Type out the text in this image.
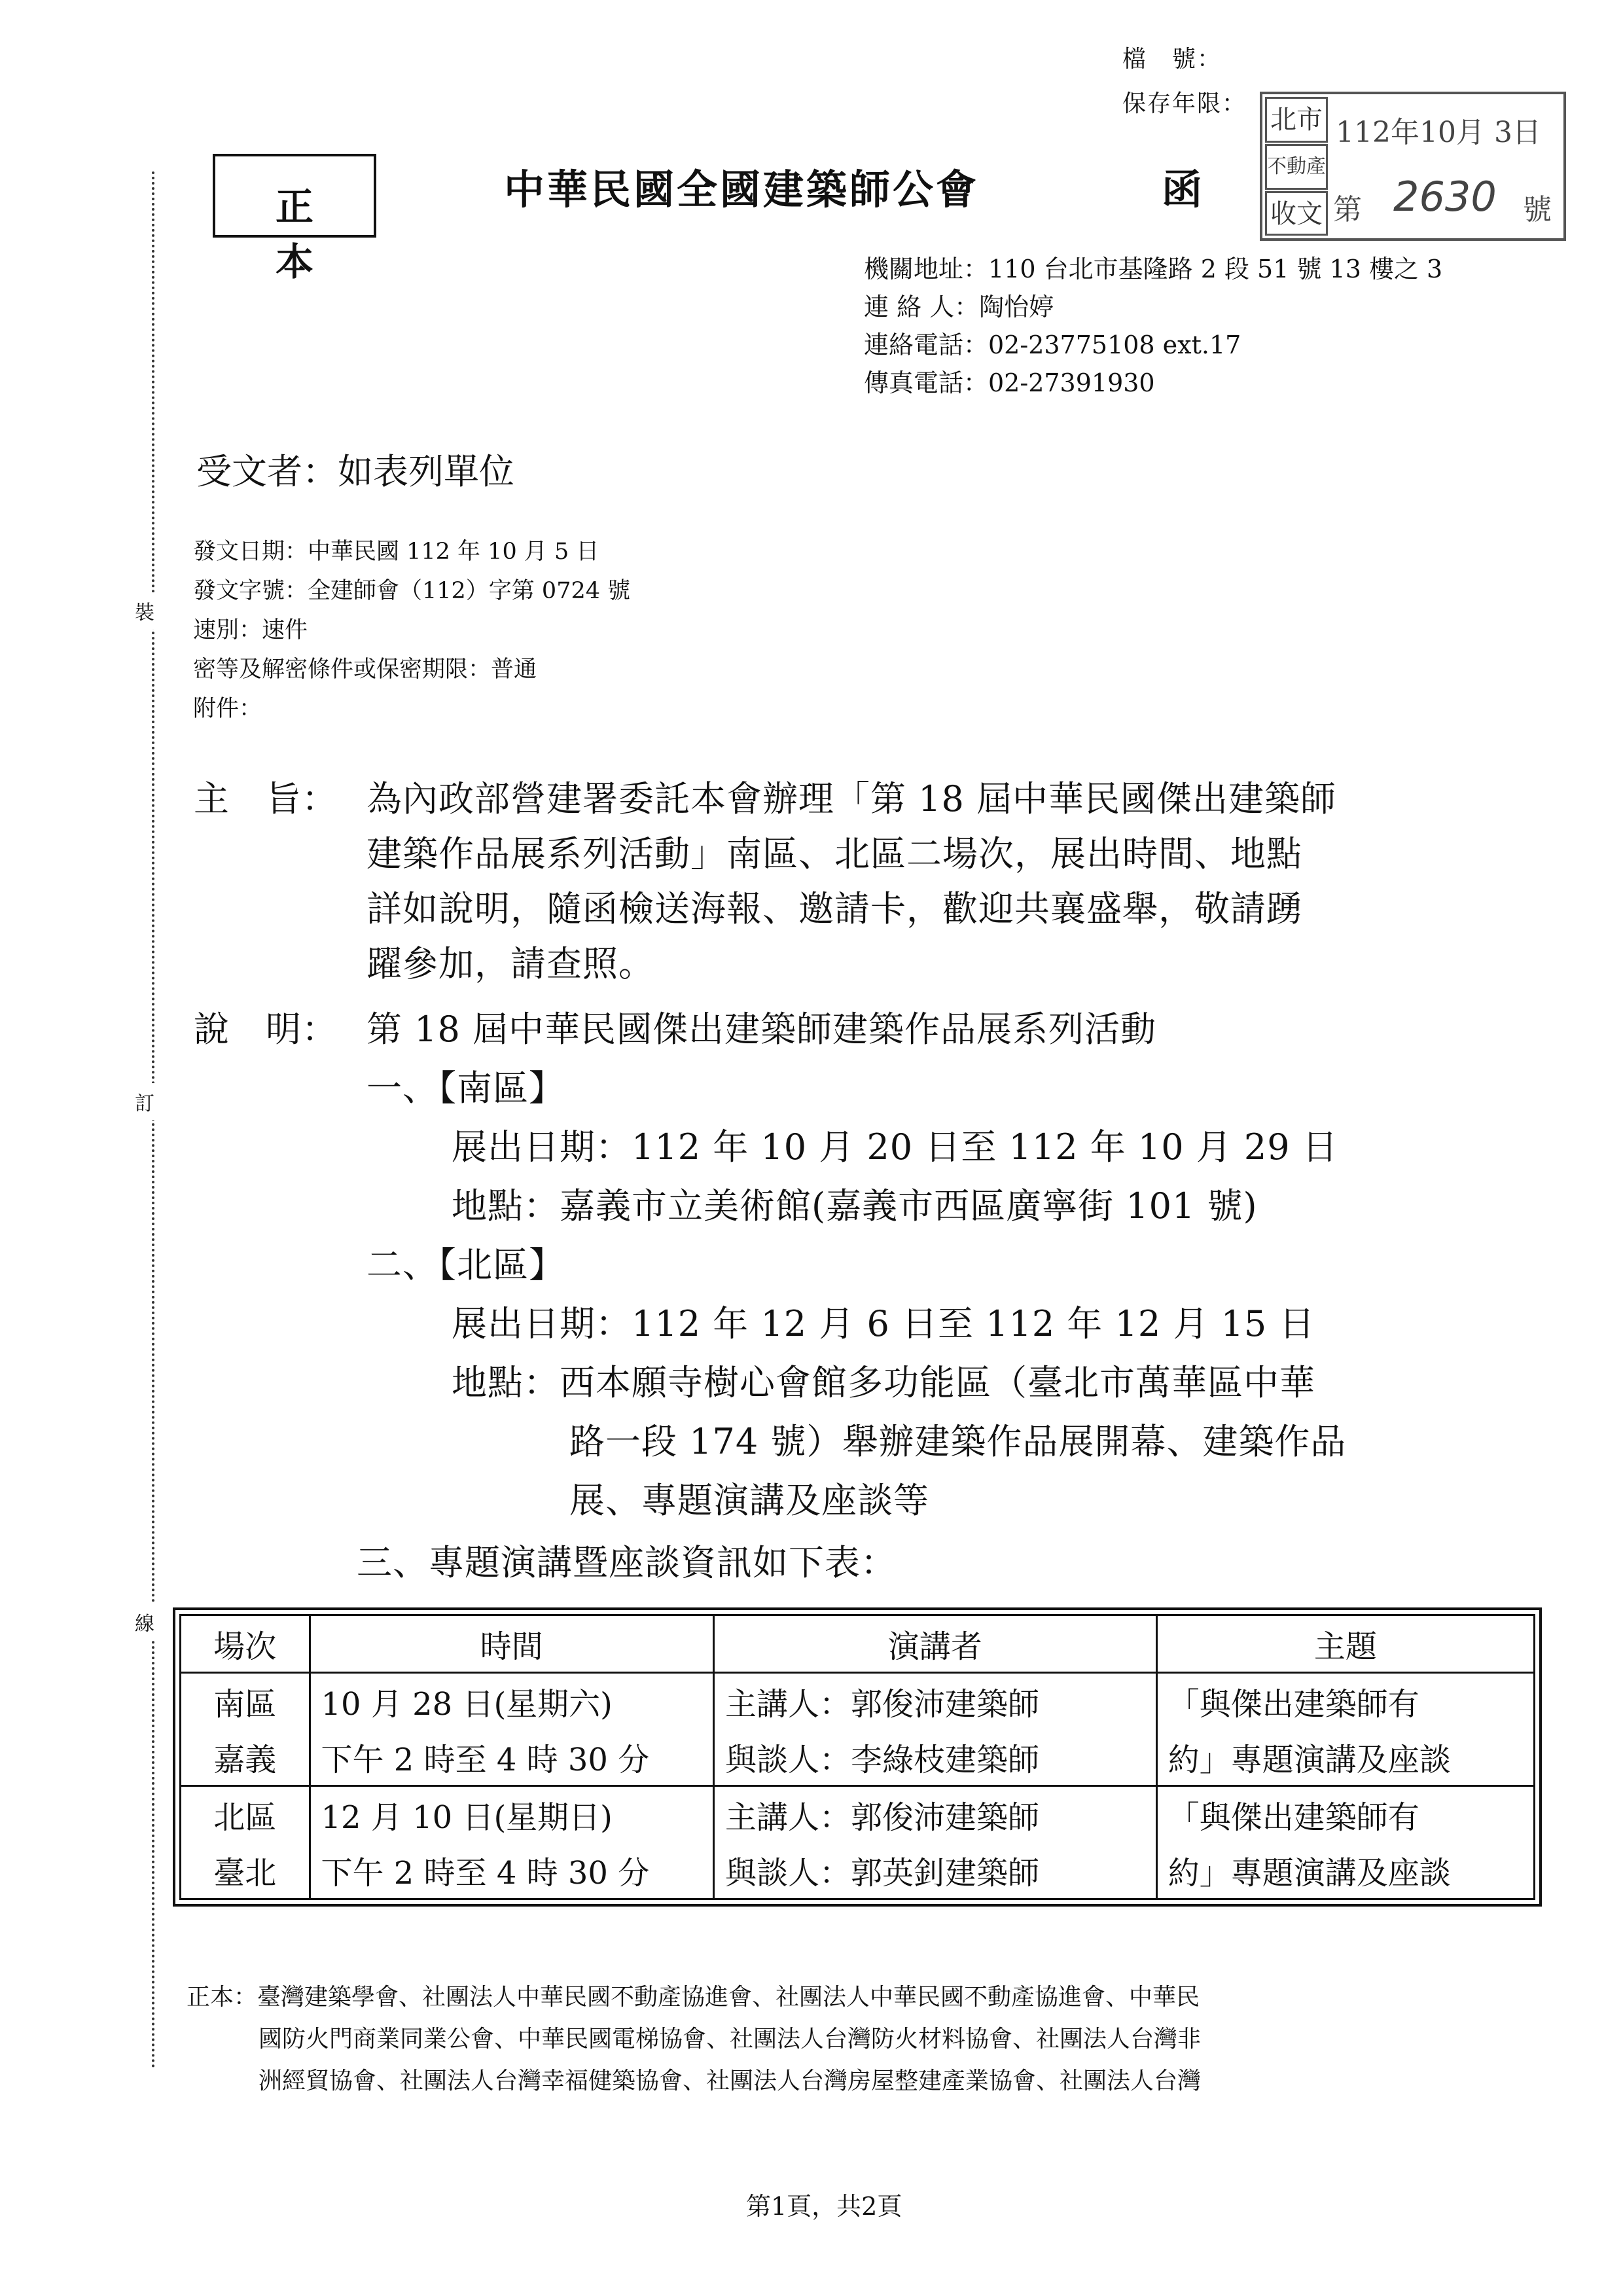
裝
訂
線
檔　號：
保存年限：
北市
不動產
收文
112年10月 3日
第 2630 號
正 本
中華民國全國建築師公會	函
機關地址：110 台北市基隆路 2 段 51 號 13 樓之 3
連 絡 人：陶怡婷
連絡電話：02-23775108 ext.17
傳真電話：02-27391930
受文者：如表列單位
發文日期：中華民國 112 年 10 月 5 日
發文字號：全建師會（112）字第 0724 號
速別：速件
密等及解密條件或保密期限：普通
附件：
主　旨： 為內政部營建署委託本會辦理「第 18 屆中華民國傑出建築師
建築作品展系列活動」南區、北區二場次，展出時間、地點
詳如說明，隨函檢送海報、邀請卡，歡迎共襄盛舉，敬請踴
躍參加，請查照。
說　明： 第 18 屆中華民國傑出建築師建築作品展系列活動
一、【南區】
展出日期：112 年 10 月 20 日至 112 年 10 月 29 日
地點：嘉義市立美術館(嘉義市西區廣寧街 101 號)
二、【北區】
展出日期：112 年 12 月 6 日至 112 年 12 月 15 日
地點：西本願寺樹心會館多功能區（臺北市萬華區中華
路一段 174 號）舉辦建築作品展開幕、建築作品
展、專題演講及座談等
三、專題演講暨座談資訊如下表：
場次	時間	演講者	主題
南區	10 月 28 日(星期六)	主講人：郭俊沛建築師	「與傑出建築師有
嘉義	下午 2 時至 4 時 30 分	與談人：李綠枝建築師	約」專題演講及座談
北區	12 月 10 日(星期日)	主講人：郭俊沛建築師	「與傑出建築師有
臺北	下午 2 時至 4 時 30 分	與談人：郭英釗建築師	約」專題演講及座談
正本：臺灣建築學會、社團法人中華民國不動產協進會、社團法人中華民國不動產協進會、中華民
國防火門商業同業公會、中華民國電梯協會、社團法人台灣防火材料協會、社團法人台灣非
洲經貿協會、社團法人台灣幸福健築協會、社團法人台灣房屋整建產業協會、社團法人台灣
第1頁，共2頁
